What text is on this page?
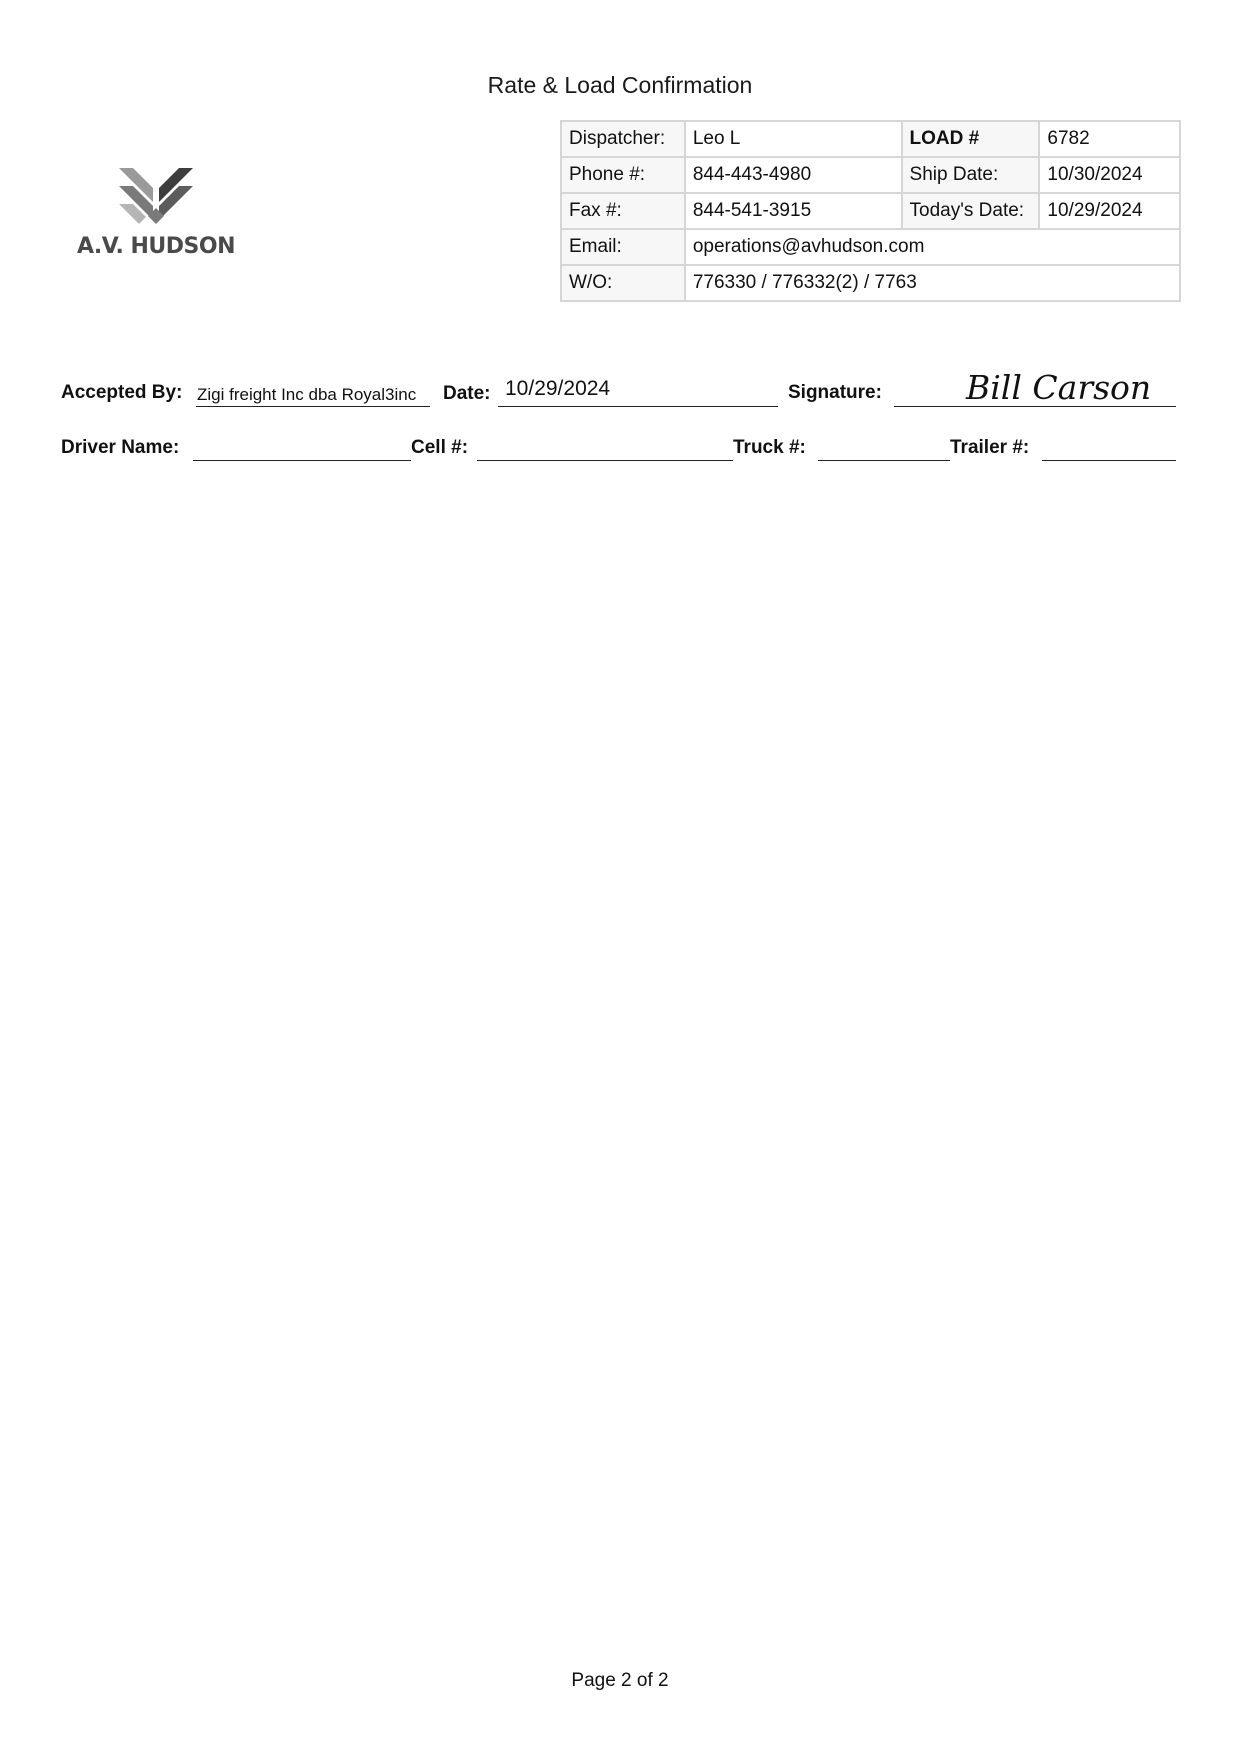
Rate & Load Confirmation
A.V. HUDSON
Dispatcher:	Leo L	LOAD #	6782
Phone #:	844-443-4980	Ship Date:	10/30/2024
Fax #:	844-541-3915	Today's Date:	10/29/2024
Email:	operations@avhudson.com		
W/O:	776330 / 776332(2) / 7763		
Accepted By: Zigi freight Inc dba Royal3inc Date: 10/29/2024	Signature:	Bill Carson
Driver Name:	Cell #:	Truck #:	Trailer #:
Page 2 of 2
